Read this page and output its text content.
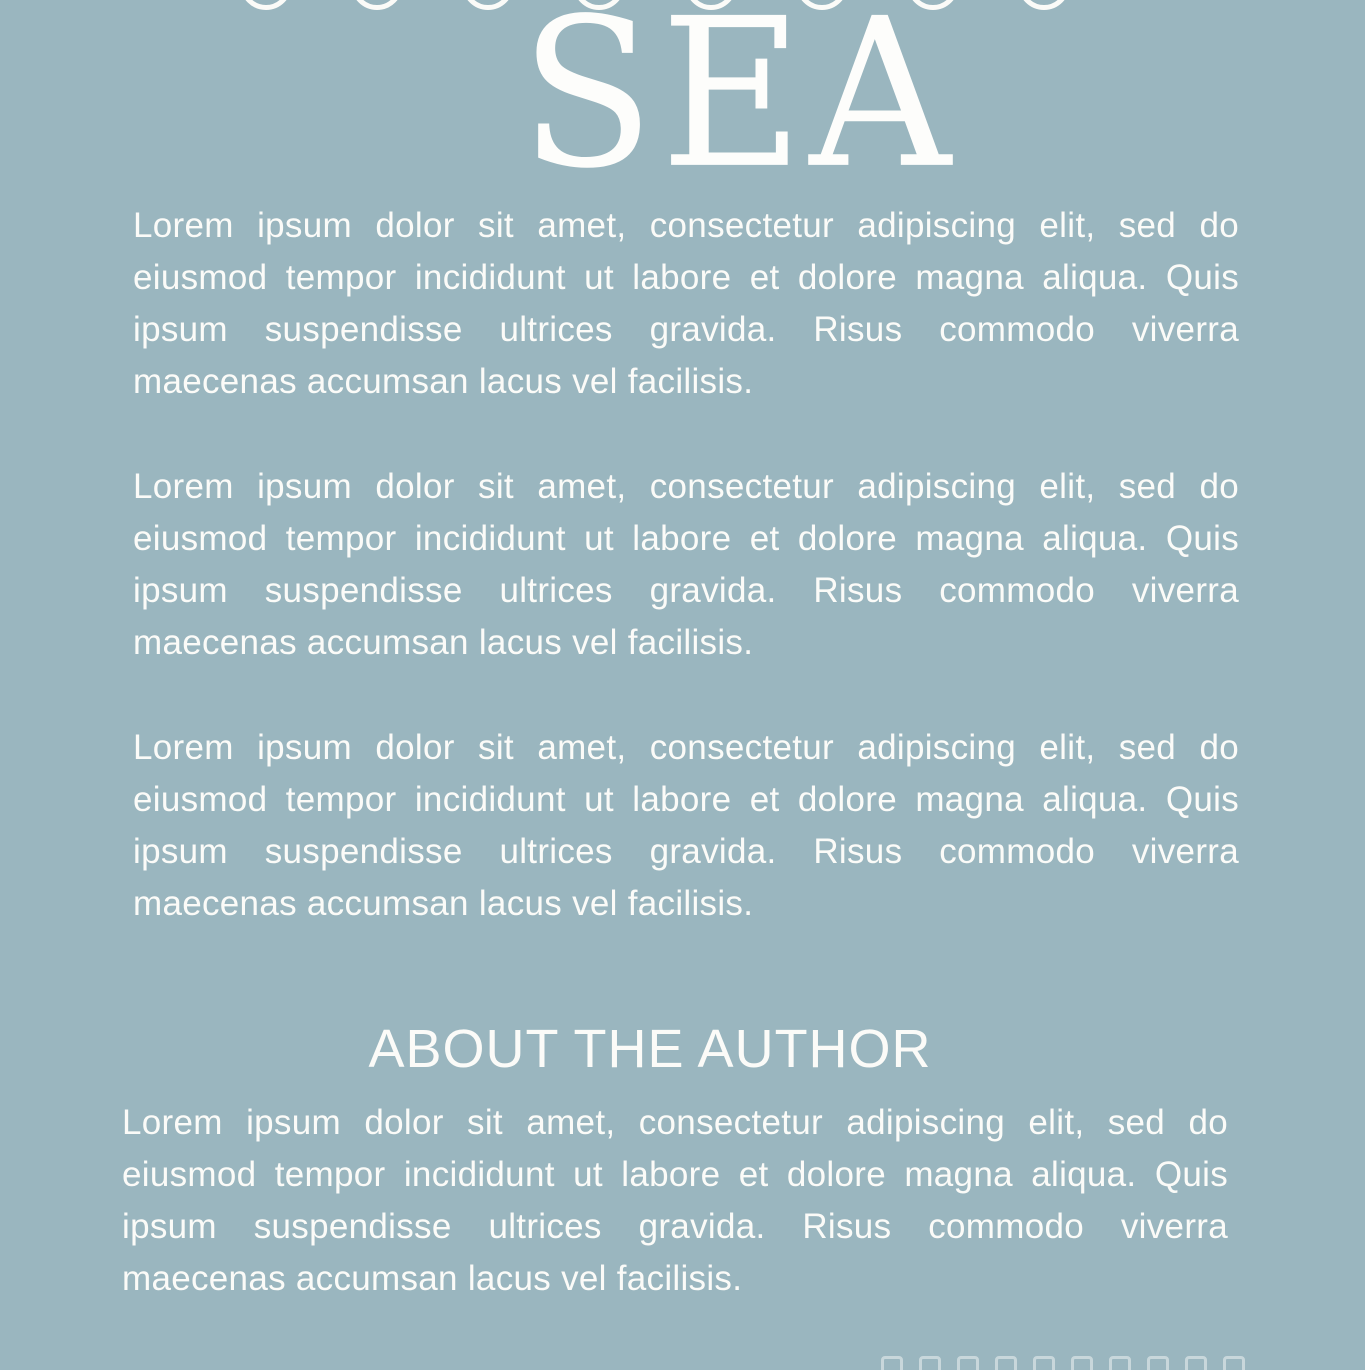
SEA

Lorem ipsum dolor sit amet, consectetur adipiscing elit, sed do eiusmod tempor incididunt ut labore et dolore magna aliqua. Quis ipsum suspendisse ultrices gravida. Risus commodo viverra maecenas accumsan lacus vel facilisis.

Lorem ipsum dolor sit amet, consectetur adipiscing elit, sed do eiusmod tempor incididunt ut labore et dolore magna aliqua. Quis ipsum suspendisse ultrices gravida. Risus commodo viverra maecenas accumsan lacus vel facilisis.

Lorem ipsum dolor sit amet, consectetur adipiscing elit, sed do eiusmod tempor incididunt ut labore et dolore magna aliqua. Quis ipsum suspendisse ultrices gravida. Risus commodo viverra maecenas accumsan lacus vel facilisis.

ABOUT THE AUTHOR

Lorem ipsum dolor sit amet, consectetur adipiscing elit, sed do eiusmod tempor incididunt ut labore et dolore magna aliqua. Quis ipsum suspendisse ultrices gravida. Risus commodo viverra maecenas accumsan lacus vel facilisis.
